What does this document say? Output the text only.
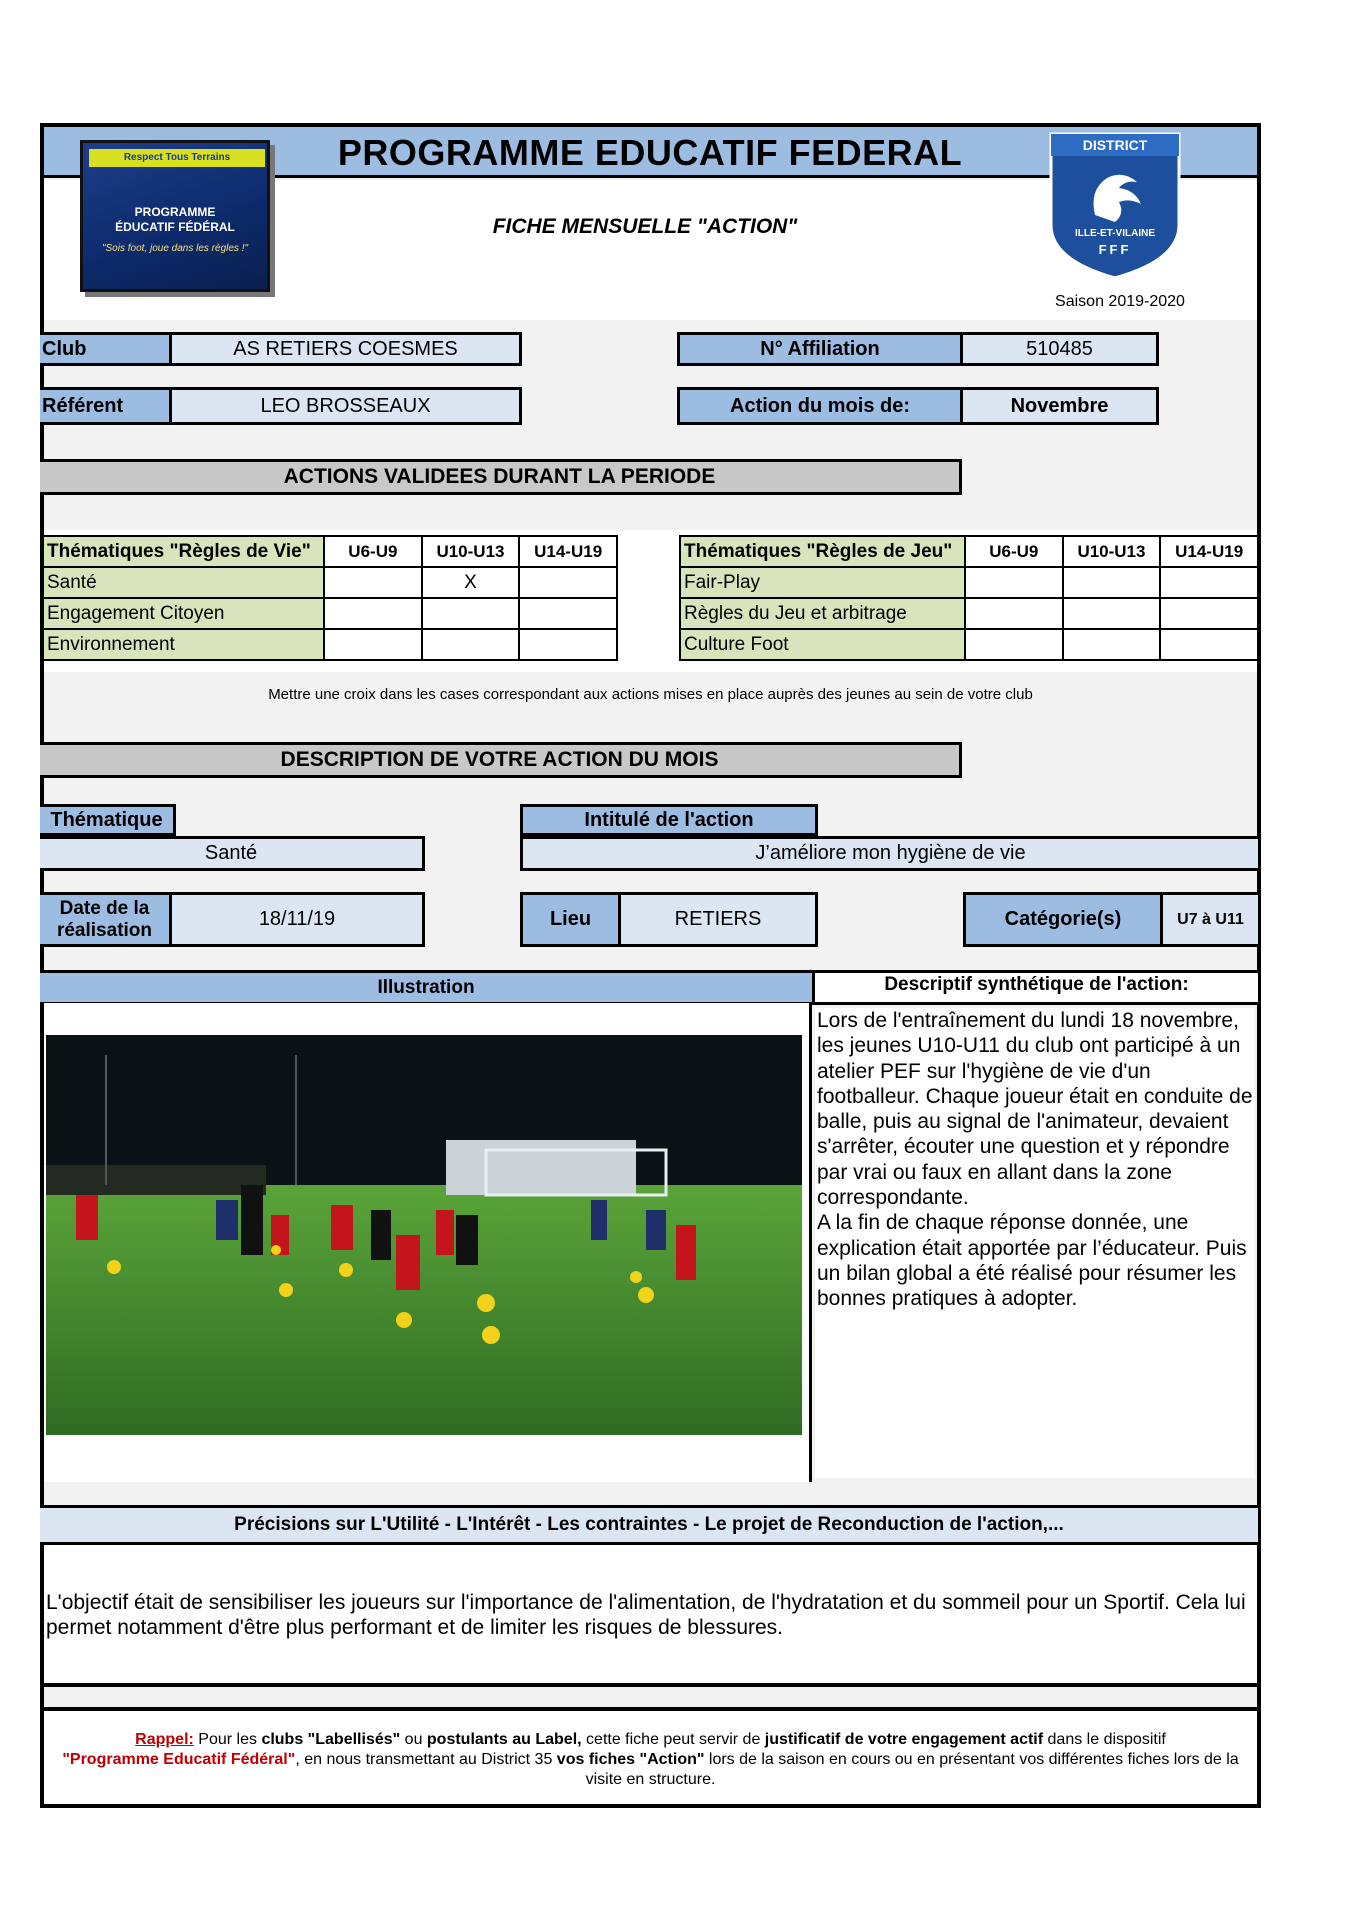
Respect Tous Terrains
PROGRAMME
ÉDUCATIF FÉDÉRAL
"Sois foot, joue dans les règles !"
PROGRAMME EDUCATIF FEDERAL
FICHE MENSUELLE "ACTION"
DISTRICT
ILLE-ET-VILAINE
FFF
Saison 2019-2020
Club	AS RETIERS COESMES	N° Affiliation	510485
Référent	LEO BROSSEAUX	Action du mois de:	Novembre
ACTIONS VALIDEES DURANT LA PERIODE
Thématiques "Règles de Vie"	U6-U9	U10-U13	U14-U19
Santé		X	
Engagement Citoyen			
Environnement			
Thématiques "Règles de Jeu"	U6-U9	U10-U13	U14-U19
Fair-Play			
Règles du Jeu et arbitrage			
Culture Foot			
Mettre une croix dans les cases correspondant aux actions mises en place auprès des jeunes au sein de votre club
DESCRIPTION DE VOTRE ACTION DU MOIS
Thématique
Santé
Intitulé de l'action
J’améliore mon hygiène de vie
Date de la
réalisation
18/11/19	Lieu	RETIERS	Catégorie(s)	U7 à U11
Illustration	Descriptif synthétique de l'action:
Lors de l'entraînement du lundi 18 novembre, les jeunes U10-U11 du club ont participé à un atelier PEF sur l'hygiène de vie d'un footballeur. Chaque joueur était en conduite de balle, puis au signal de l'animateur, devaient s'arrêter, écouter une question et y répondre par vrai ou faux en allant dans la zone correspondante.
A la fin de chaque réponse donnée, une explication était apportée par l’éducateur. Puis un bilan global a été réalisé pour résumer les bonnes pratiques à adopter.
Précisions sur L'Utilité - L'Intérêt - Les contraintes - Le projet de Reconduction de l'action,...
L'objectif était de sensibiliser les joueurs sur l'importance de l'alimentation, de l'hydratation et du sommeil pour un Sportif. Cela lui permet notamment d'être plus performant et de limiter les risques de blessures.
Rappel: Pour les clubs "Labellisés" ou postulants au Label, cette fiche peut servir de justificatif de votre engagement actif dans le dispositif
"Programme Educatif Fédéral", en nous transmettant au District 35 vos fiches "Action" lors de la saison en cours ou en présentant vos différentes fiches lors de la visite en structure.
